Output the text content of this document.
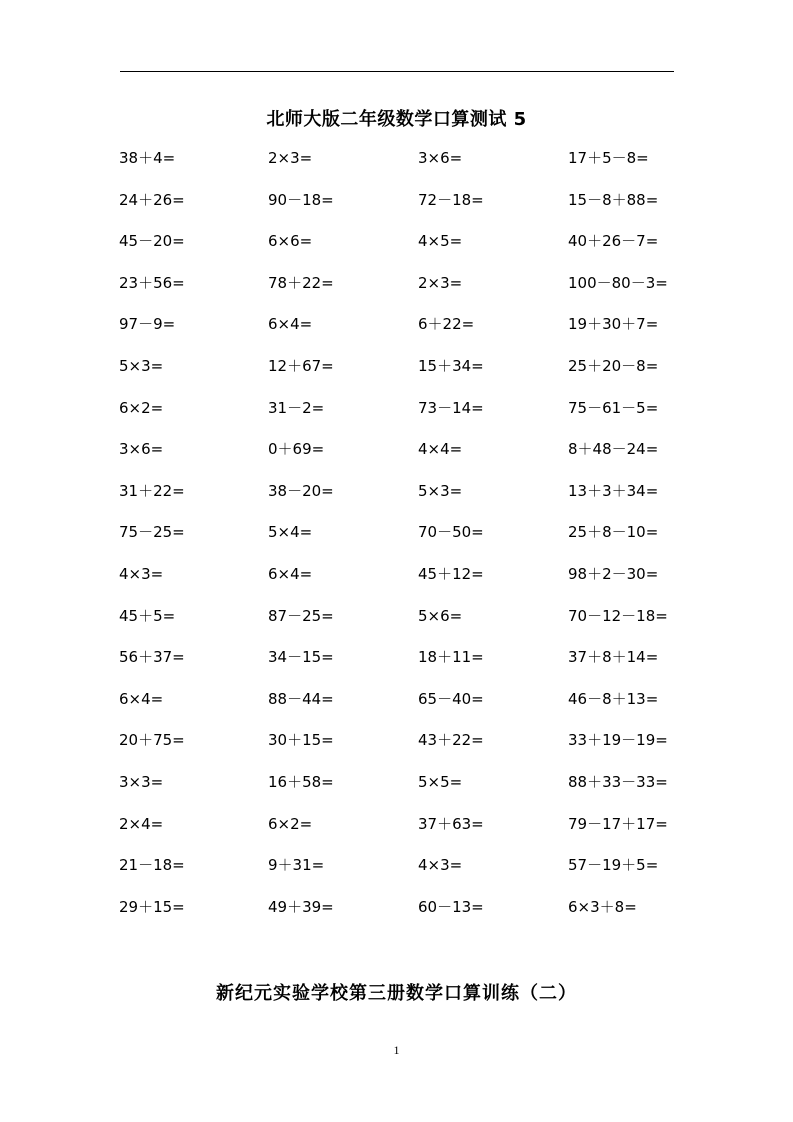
北师大版二年级数学口算测试 5
38＋4=	2×3=	3×6=	17＋5－8=
24＋26=	90－18=	72－18=	15－8＋88=
45－20=	6×6=	4×5=	40＋26－7=
23＋56=	78＋22=	2×3=	100－80－3=
97－9=	6×4=	6＋22=	19＋30＋7=
5×3=	12＋67=	15＋34=	25＋20－8=
6×2=	31－2=	73－14=	75－61－5=
3×6=	0＋69=	4×4=	8＋48－24=
31＋22=	38－20=	5×3=	13＋3＋34=
75－25=	5×4=	70－50=	25＋8－10=
4×3=	6×4=	45＋12=	98＋2－30=
45＋5=	87－25=	5×6=	70－12－18=
56＋37=	34－15=	18＋11=	37＋8＋14=
6×4=	88－44=	65－40=	46－8＋13=
20＋75=	30＋15=	43＋22=	33＋19－19=
3×3=	16＋58=	5×5=	88＋33－33=
2×4=	6×2=	37＋63=	79－17＋17=
21－18=	9＋31=	4×3=	57－19＋5=
29＋15=	49＋39=	60－13=	6×3＋8=
新纪元实验学校第三册数学口算训练（二）
1
